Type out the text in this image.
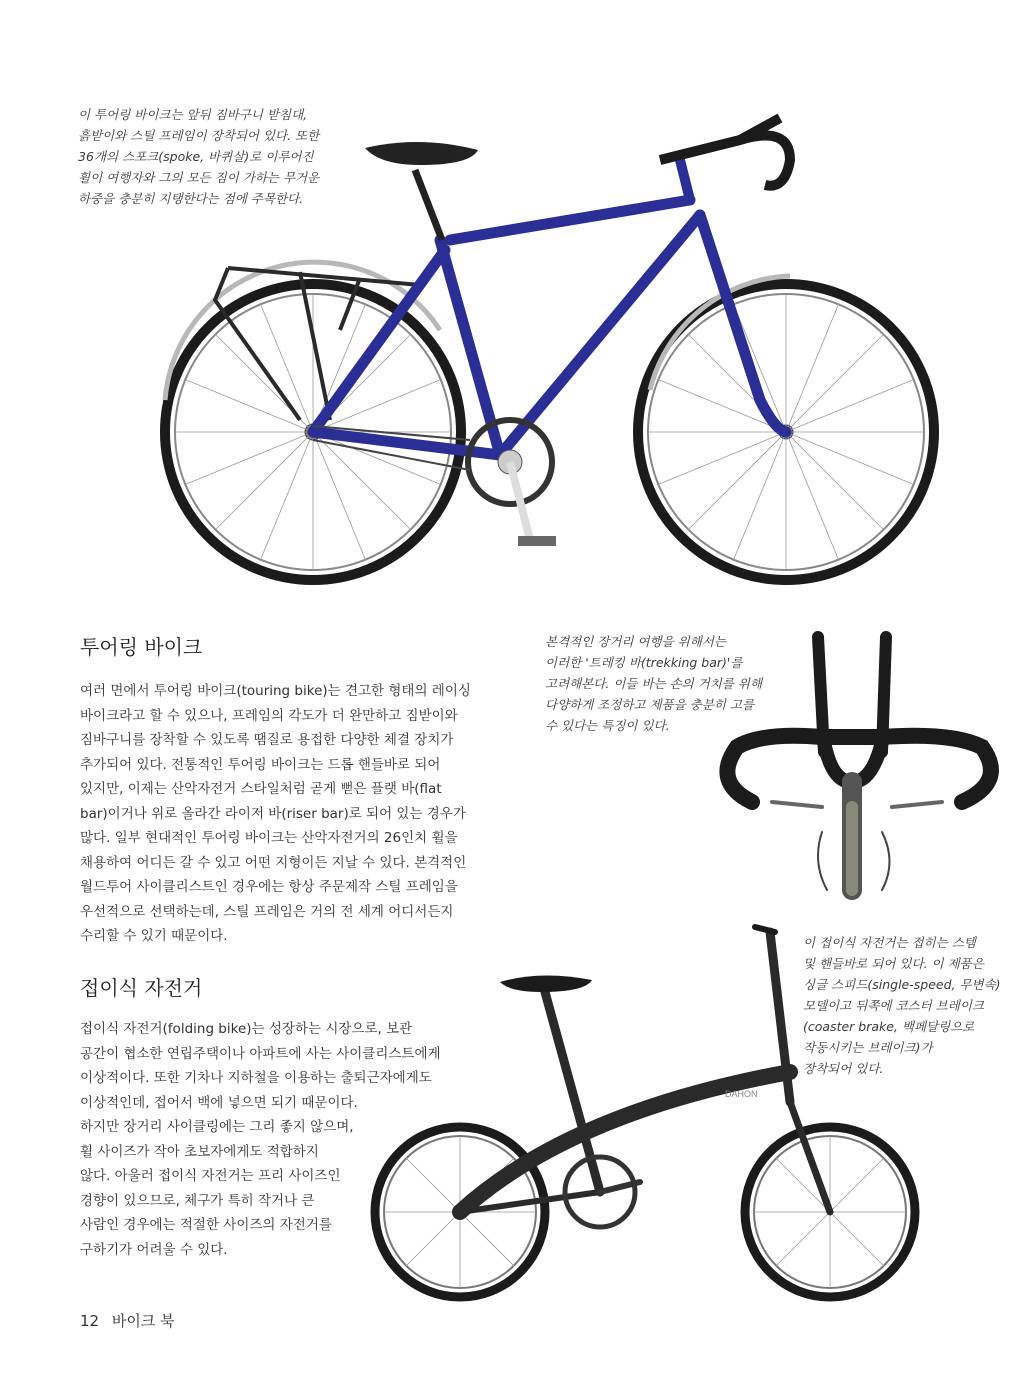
이 투어링 바이크는 앞뒤 짐바구니 받침대,
흙받이와 스틸 프레임이 장착되어 있다. 또한
36개의 스포크(spoke, 바퀴살)로 이루어진
휠이 여행자와 그의 모든 짐이 가하는 무거운
하중을 충분히 지탱한다는 점에 주목한다.
DAWES
투어링 바이크
여러 면에서 투어링 바이크(touring bike)는 견고한 형태의 레이싱
바이크라고 할 수 있으나, 프레임의 각도가 더 완만하고 짐받이와
짐바구니를 장착할 수 있도록 땜질로 용접한 다양한 체결 장치가
추가되어 있다. 전통적인 투어링 바이크는 드롭 핸들바로 되어
있지만, 이제는 산악자전거 스타일처럼 곧게 뻗은 플랫 바(flat
bar)이거나 위로 올라간 라이저 바(riser bar)로 되어 있는 경우가
많다. 일부 현대적인 투어링 바이크는 산악자전거의 26인치 휠을
채용하여 어디든 갈 수 있고 어떤 지형이든 지날 수 있다. 본격적인
월드투어 사이클리스트인 경우에는 항상 주문제작 스틸 프레임을
우선적으로 선택하는데, 스틸 프레임은 거의 전 세계 어디서든지
수리할 수 있기 때문이다.
본격적인 장거리 여행을 위해서는
이러한 '트레킹 바(trekking bar)'를
고려해본다. 이들 바는 손의 거치를 위해
다양하게 조정하고 제품을 충분히 고를
수 있다는 특징이 있다.
이 접이식 자전거는 접히는 스템
및 핸들바로 되어 있다. 이 제품은
싱글 스피드(single-speed, 무변속)
모델이고 뒤쪽에 코스터 브레이크
(coaster brake, 백페달링으로
작동시키는 브레이크)가
장착되어 있다.
접이식 자전거
접이식 자전거(folding bike)는 성장하는 시장으로, 보관
공간이 협소한 연립주택이나 아파트에 사는 사이클리스트에게
이상적이다. 또한 기차나 지하철을 이용하는 출퇴근자에게도
이상적인데, 접어서 백에 넣으면 되기 때문이다.
하지만 장거리 사이클링에는 그리 좋지 않으며,
휠 사이즈가 작아 초보자에게도 적합하지
않다. 아울러 접이식 자전거는 프리 사이즈인
경향이 있으므로, 체구가 특히 작거나 큰
사람인 경우에는 적절한 사이즈의 자전거를
구하기가 어려울 수 있다.
DAHON
12 바이크 북
